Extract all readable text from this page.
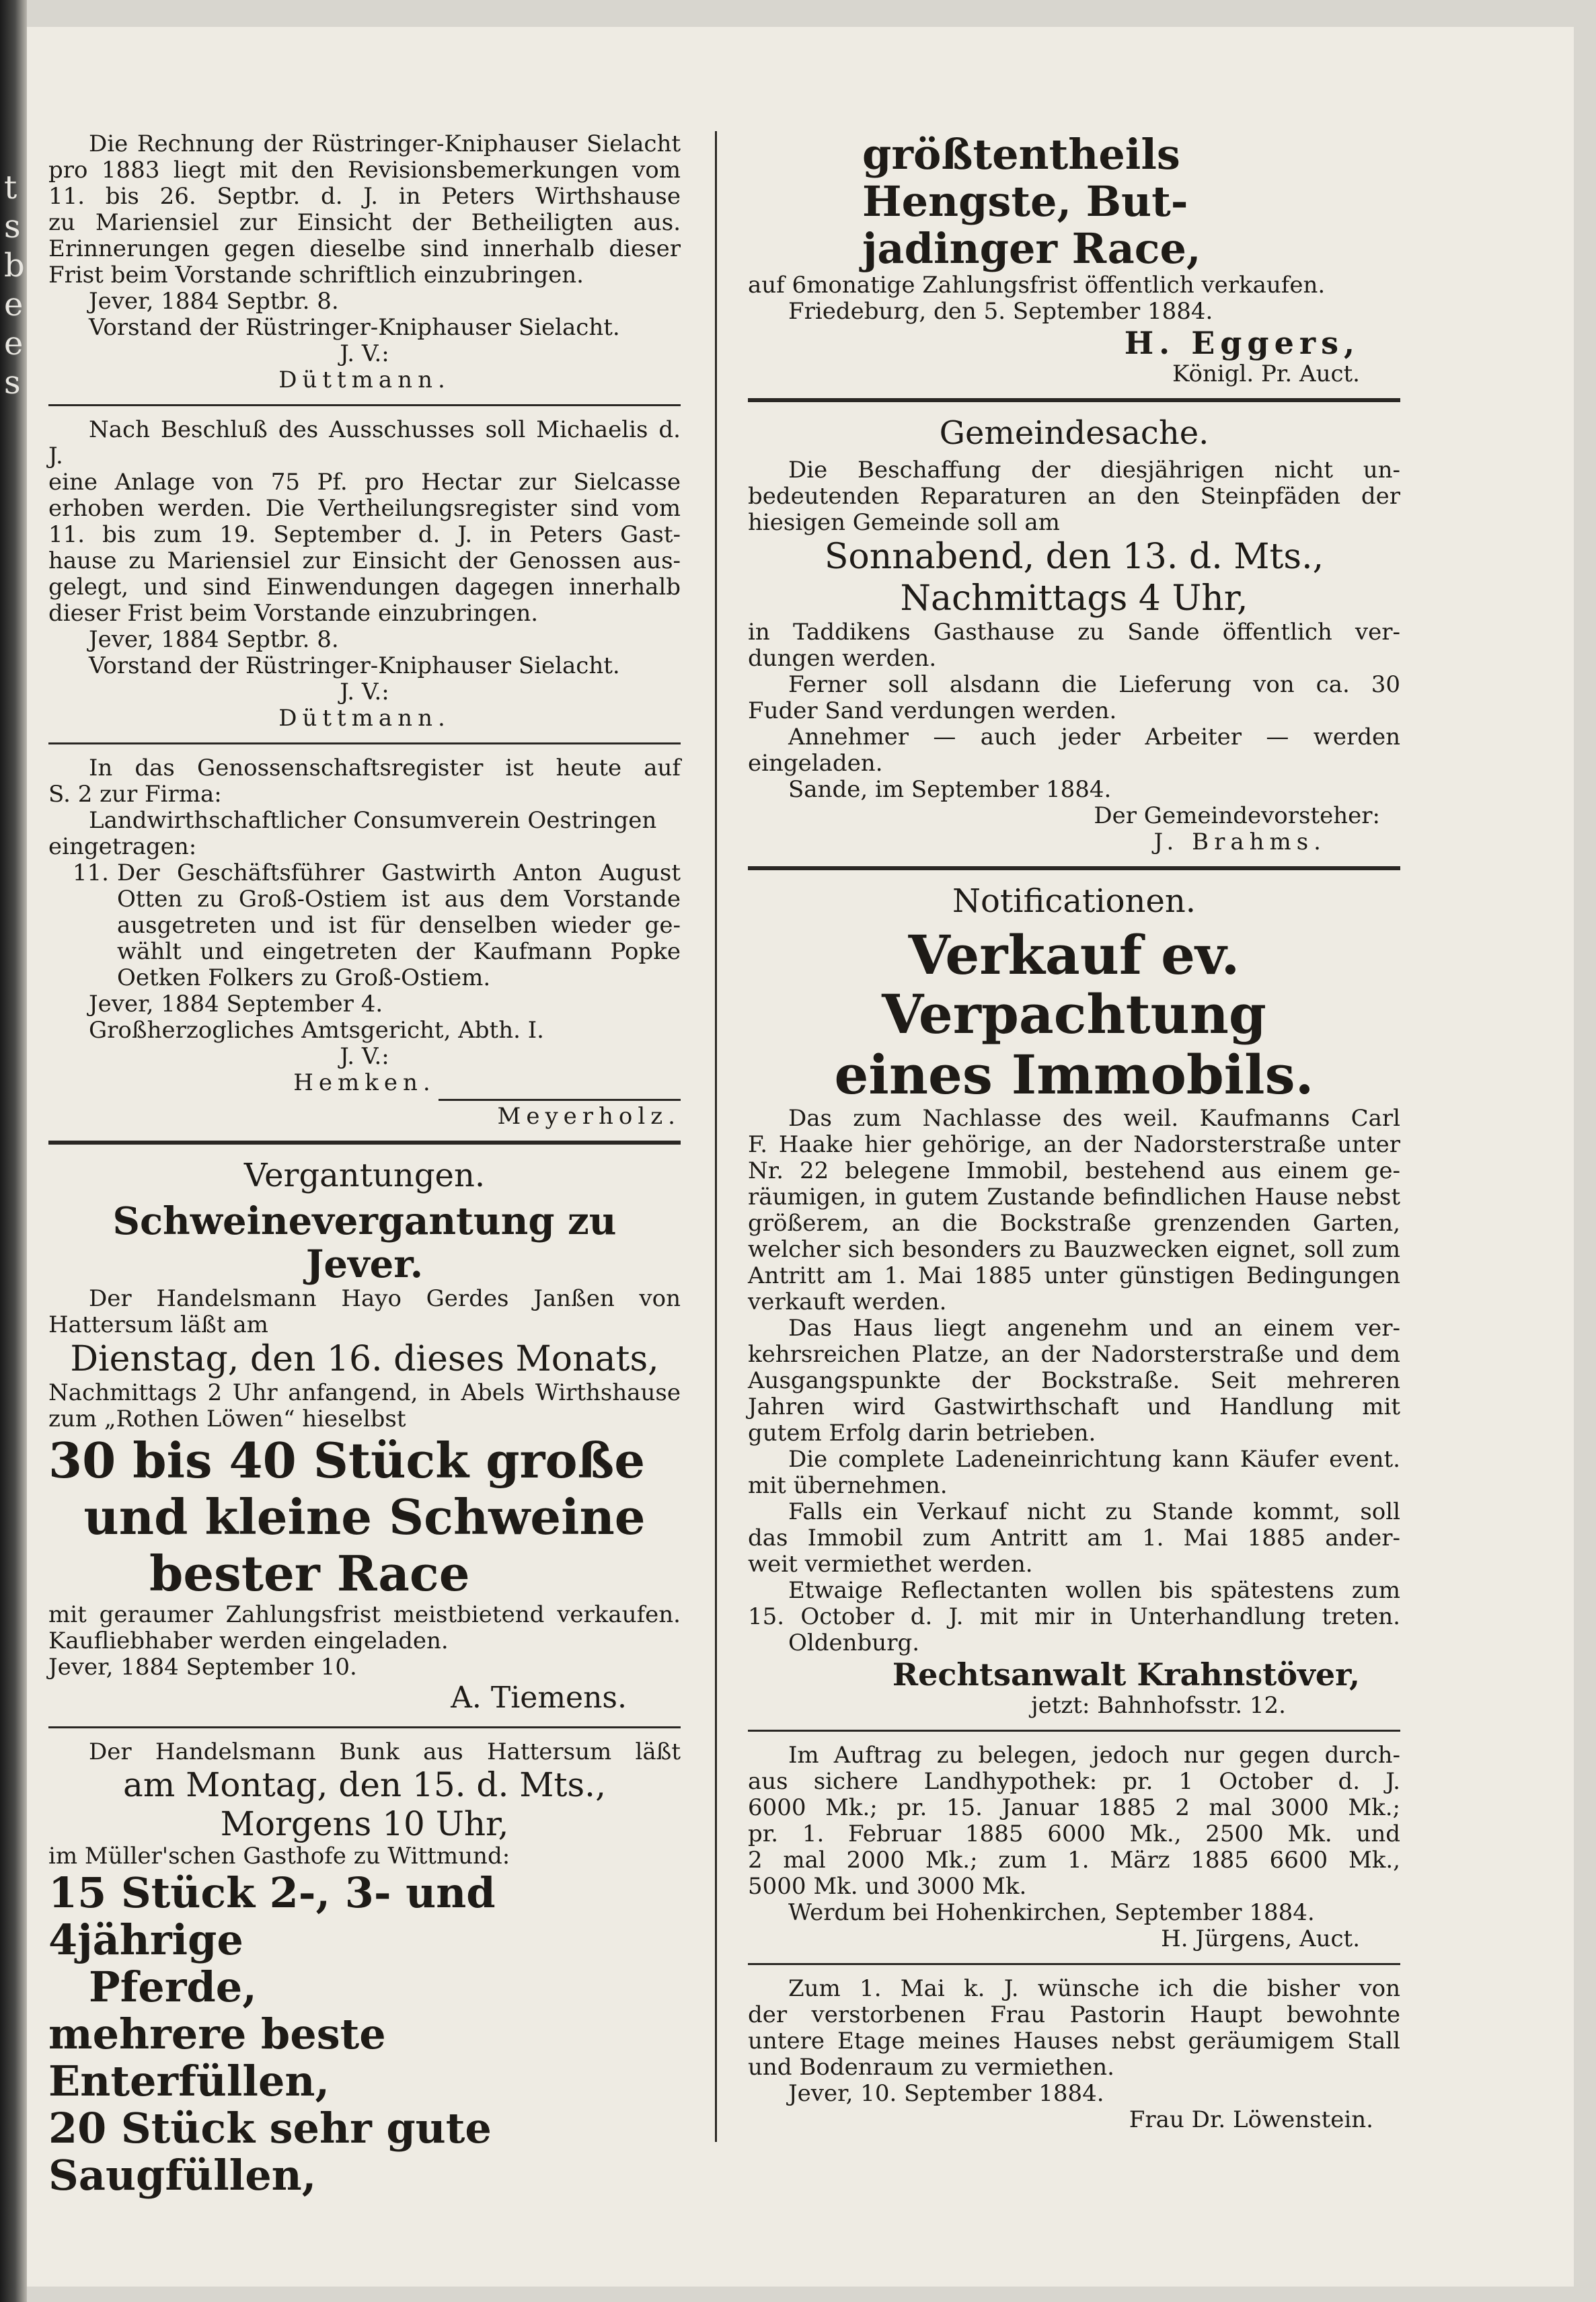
t
s
b
e
e
s

Die Rechnung der Rüstringer-Kniphauser Sielacht

pro 1883 liegt mit den Revisionsbemerkungen vom

11. bis 26. Septbr. d. J. in Peters Wirthshause

zu Mariensiel zur Einsicht der Betheiligten aus.

Erinnerungen gegen dieselbe sind innerhalb dieser

Frist beim Vorstande schriftlich einzubringen.

Jever, 1884 Septbr. 8.

Vorstand der Rüstringer-Kniphauser Sielacht.

J. V.:

Düttmann.

Nach Beschluß des Ausschusses soll Michaelis d. J.

eine Anlage von 75 Pf. pro Hectar zur Sielcasse

erhoben werden. Die Vertheilungsregister sind vom

11. bis zum 19. September d. J. in Peters Gast-

hause zu Mariensiel zur Einsicht der Genossen aus-

gelegt, und sind Einwendungen dagegen innerhalb

dieser Frist beim Vorstande einzubringen.

Jever, 1884 Septbr. 8.

Vorstand der Rüstringer-Kniphauser Sielacht.

J. V.:

Düttmann.

In das Genossenschaftsregister ist heute auf

S. 2 zur Firma:

Landwirthschaftlicher Consumverein Oestringen

eingetragen:

11. Der Geschäftsführer Gastwirth Anton August

Otten zu Groß-Ostiem ist aus dem Vorstande

ausgetreten und ist für denselben wieder ge-

wählt und eingetreten der Kaufmann Popke

Oetken Folkers zu Groß-Ostiem.

Jever, 1884 September 4.

Großherzogliches Amtsgericht, Abth. I.

J. V.:

Hemken.

Meyerholz.

Vergantungen.

Schweinevergantung zu Jever.

Der Handelsmann Hayo Gerdes Janßen von

Hattersum läßt am

Dienstag, den 16. dieses Monats,

Nachmittags 2 Uhr anfangend, in Abels Wirthshause

zum „Rothen Löwen“ hieselbst

30 bis 40 Stück große

und kleine Schweine

bester Race

mit geraumer Zahlungsfrist meistbietend verkaufen.

Kaufliebhaber werden eingeladen.

Jever, 1884 September 10.

A. Tiemens.

Der Handelsmann Bunk aus Hattersum läßt

am Montag, den 15. d. Mts.,

Morgens 10 Uhr,

im Müller'schen Gasthofe zu Wittmund:

15 Stück 2-, 3- und 4jährige

Pferde,

mehrere beste Enterfüllen,

20 Stück sehr gute Saugfüllen,

größtentheils Hengste, But-

jadinger Race,

auf 6monatige Zahlungsfrist öffentlich verkaufen.

Friedeburg, den 5. September 1884.

H. Eggers,

Königl. Pr. Auct.

Gemeindesache.

Die Beschaffung der diesjährigen nicht un-

bedeutenden Reparaturen an den Steinpfäden der

hiesigen Gemeinde soll am

Sonnabend, den 13. d. Mts.,

Nachmittags 4 Uhr,

in Taddikens Gasthause zu Sande öffentlich ver-

dungen werden.

Ferner soll alsdann die Lieferung von ca. 30

Fuder Sand verdungen werden.

Annehmer — auch jeder Arbeiter — werden

eingeladen.

Sande, im September 1884.

Der Gemeindevorsteher:

J. Brahms.

Notificationen.

Verkauf ev. Verpachtung

eines Immobils.

Das zum Nachlasse des weil. Kaufmanns Carl

F. Haake hier gehörige, an der Nadorsterstraße unter

Nr. 22 belegene Immobil, bestehend aus einem ge-

räumigen, in gutem Zustande befindlichen Hause nebst

größerem, an die Bockstraße grenzenden Garten,

welcher sich besonders zu Bauzwecken eignet, soll zum

Antritt am 1. Mai 1885 unter günstigen Bedingungen

verkauft werden.

Das Haus liegt angenehm und an einem ver-

kehrsreichen Platze, an der Nadorsterstraße und dem

Ausgangspunkte der Bockstraße. Seit mehreren

Jahren wird Gastwirthschaft und Handlung mit

gutem Erfolg darin betrieben.

Die complete Ladeneinrichtung kann Käufer event.

mit übernehmen.

Falls ein Verkauf nicht zu Stande kommt, soll

das Immobil zum Antritt am 1. Mai 1885 ander-

weit vermiethet werden.

Etwaige Reflectanten wollen bis spätestens zum

15. October d. J. mit mir in Unterhandlung treten.

Oldenburg.

Rechtsanwalt Krahnstöver,

jetzt: Bahnhofsstr. 12.

Im Auftrag zu belegen, jedoch nur gegen durch-

aus sichere Landhypothek: pr. 1 October d. J.

6000 Mk.; pr. 15. Januar 1885 2 mal 3000 Mk.;

pr. 1. Februar 1885 6000 Mk., 2500 Mk. und

2 mal 2000 Mk.; zum 1. März 1885 6600 Mk.,

5000 Mk. und 3000 Mk.

Werdum bei Hohenkirchen, September 1884.

H. Jürgens, Auct.

Zum 1. Mai k. J. wünsche ich die bisher von

der verstorbenen Frau Pastorin Haupt bewohnte

untere Etage meines Hauses nebst geräumigem Stall

und Bodenraum zu vermiethen.

Jever, 10. September 1884.

Frau Dr. Löwenstein.
